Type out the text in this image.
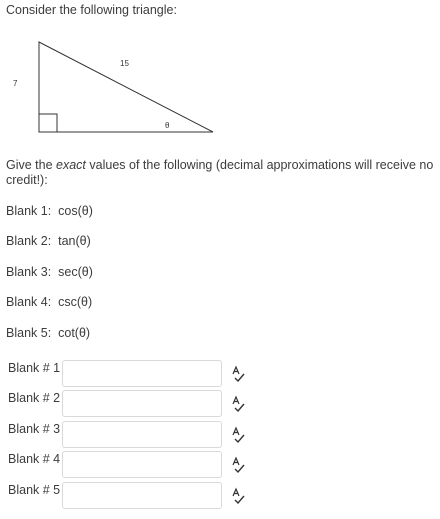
Consider the following triangle:

15
7
θ

Give the exact values of the following (decimal approximations will receive no credit!):

Blank 1: cos(θ)

Blank 2: tan(θ)

Blank 3: sec(θ)

Blank 4: csc(θ)

Blank 5: cot(θ)

Blank # 1
Blank # 2
Blank # 3
Blank # 4
Blank # 5
